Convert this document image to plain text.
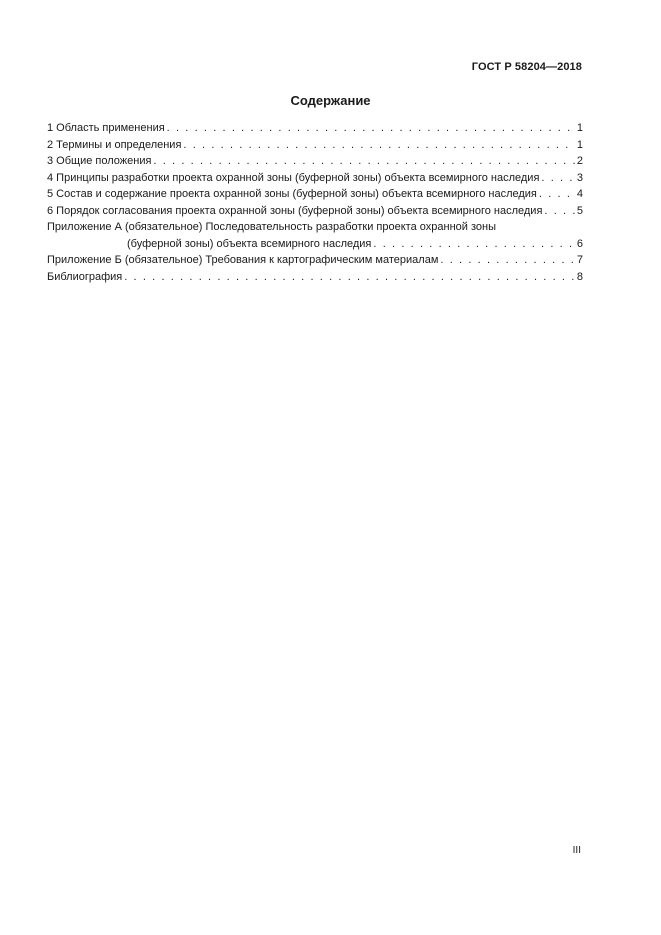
ГОСТ Р 58204—2018
Содержание
1 Область применения . . .	1
2 Термины и определения . . .	1
3 Общие положения . . .	2
4 Принципы разработки проекта охранной зоны (буферной зоны) объекта всемирного наследия . . .	3
5 Состав и содержание проекта охранной зоны (буферной зоны) объекта всемирного наследия . . .	4
6 Порядок согласования проекта охранной зоны (буферной зоны) объекта всемирного наследия . . .	5
Приложение А (обязательное) Последовательность разработки проекта охранной зоны
(буферной зоны) объекта всемирного наследия . . .	6
Приложение Б (обязательное) Требования к картографическим материалам . . .	7
Библиография . . .	8
III
